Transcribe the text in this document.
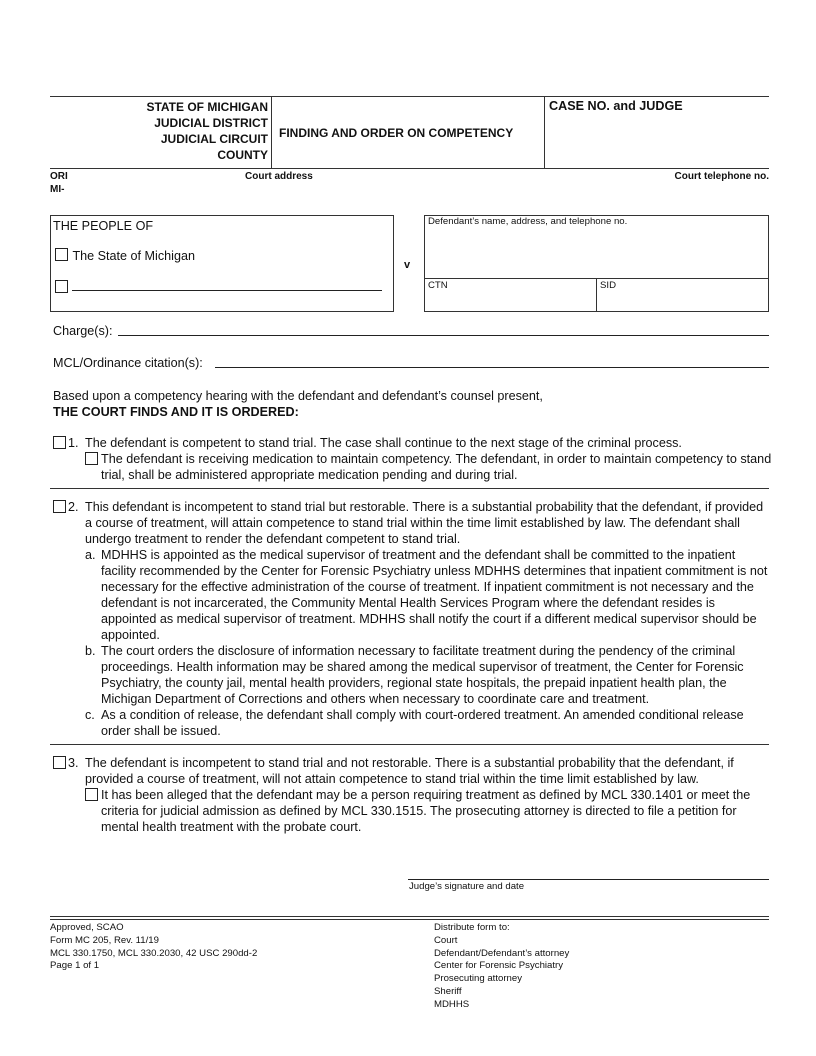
STATE OF MICHIGAN
JUDICIAL DISTRICT
JUDICIAL CIRCUIT
COUNTY
FINDING AND ORDER ON COMPETENCY
CASE NO. and JUDGE
ORI
MI-
Court address	Court telephone no.
THE PEOPLE OF
The State of Michigan
v
Defendant’s name, address, and telephone no.
CTN	SID
Charge(s):
MCL/Ordinance citation(s):
Based upon a competency hearing with the defendant and defendant’s counsel present,
THE COURT FINDS AND IT IS ORDERED:
1. The defendant is competent to stand trial. The case shall continue to the next stage of the criminal process.
The defendant is receiving medication to maintain competency. The defendant, in order to maintain competency to stand trial, shall be administered appropriate medication pending and during trial.
2. This defendant is incompetent to stand trial but restorable. There is a substantial probability that the defendant, if provided a course of treatment, will attain competence to stand trial within the time limit established by law. The defendant shall undergo treatment to render the defendant competent to stand trial.
a. MDHHS is appointed as the medical supervisor of treatment and the defendant shall be committed to the inpatient facility recommended by the Center for Forensic Psychiatry unless MDHHS determines that inpatient commitment is not necessary for the effective administration of the course of treatment. If inpatient commitment is not necessary and the defendant is not incarcerated, the Community Mental Health Services Program where the defendant resides is appointed as medical supervisor of treatment. MDHHS shall notify the court if a different medical supervisor should be appointed.
b. The court orders the disclosure of information necessary to facilitate treatment during the pendency of the criminal proceedings. Health information may be shared among the medical supervisor of treatment, the Center for Forensic Psychiatry, the county jail, mental health providers, regional state hospitals, the prepaid inpatient health plan, the Michigan Department of Corrections and others when necessary to coordinate care and treatment.
c. As a condition of release, the defendant shall comply with court-ordered treatment. An amended conditional release order shall be issued.
3. The defendant is incompetent to stand trial and not restorable. There is a substantial probability that the defendant, if provided a course of treatment, will not attain competence to stand trial within the time limit established by law.
It has been alleged that the defendant may be a person requiring treatment as defined by MCL 330.1401 or meet the criteria for judicial admission as defined by MCL 330.1515. The prosecuting attorney is directed to file a petition for mental health treatment with the probate court.
Judge’s signature and date
Approved, SCAO
Form MC 205, Rev. 11/19
MCL 330.1750, MCL 330.2030, 42 USC 290dd-2
Page 1 of 1
Distribute form to:
Court
Defendant/Defendant’s attorney
Center for Forensic Psychiatry
Prosecuting attorney
Sheriff
MDHHS
